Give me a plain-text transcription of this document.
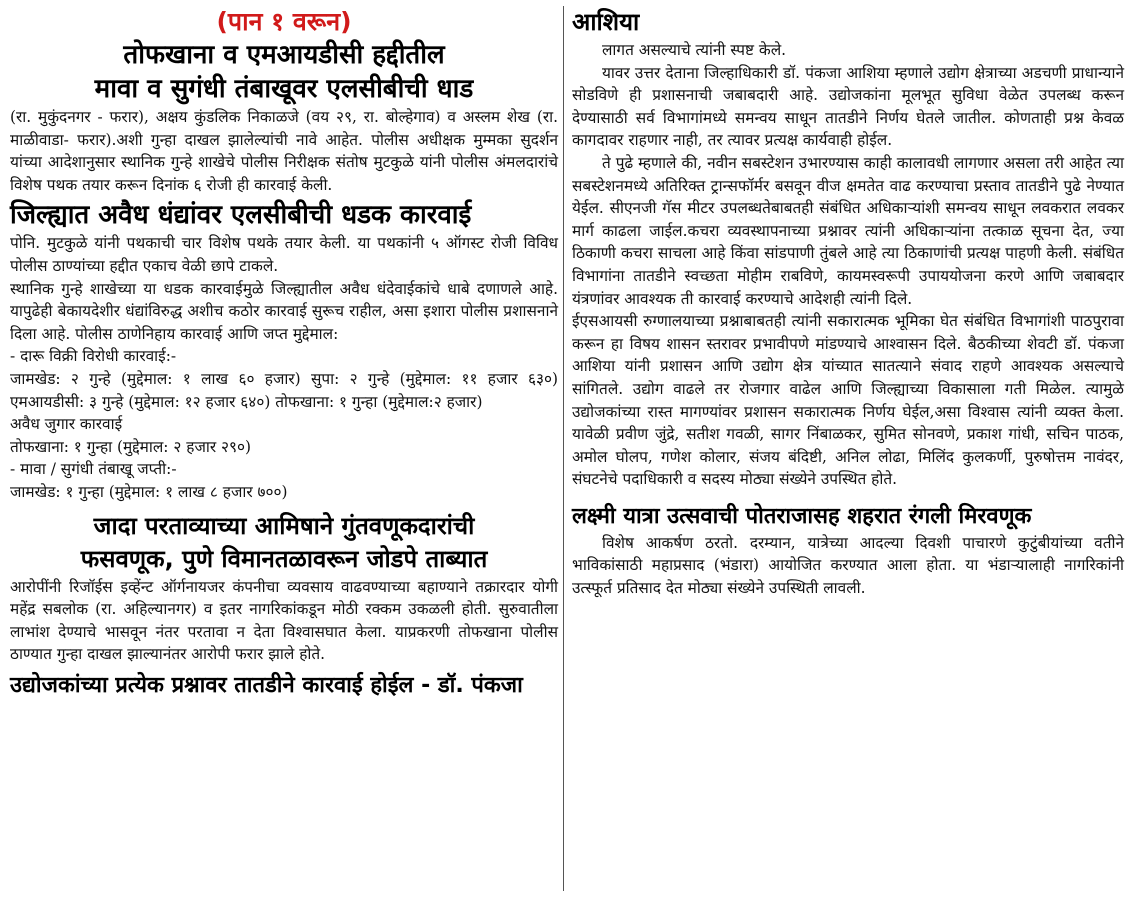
(पान १ वरून)
तोफखाना व एमआयडीसी हद्दीतील
मावा व सुगंधी तंबाखूवर एलसीबीची धाड

(रा. मुकुंदनगर - फरार), अक्षय कुंडलिक निकाळजे (वय २९, रा. बोल्हेगाव) व अस्लम शेख (रा. माळीवाडा- फरार).अशी गुन्हा दाखल झालेल्यांची नावे आहेत. पोलीस अधीक्षक मुम्मका सुदर्शन यांच्या आदेशानुसार स्थानिक गुन्हे शाखेचे पोलीस निरीक्षक संतोष मुटकुळे यांनी पोलीस अंमलदारांचे विशेष पथक तयार करून दिनांक ६ रोजी ही कारवाई केली.

जिल्ह्यात अवैध धंद्यांवर एलसीबीची धडक कारवाई

पोनि. मुटकुळे यांनी पथकाची चार विशेष पथके तयार केली. या पथकांनी ५ ऑगस्ट रोजी विविध पोलीस ठाण्यांच्या हद्दीत एकाच वेळी छापे टाकले.

स्थानिक गुन्हे शाखेच्या या धडक कारवाईमुळे जिल्ह्यातील अवैध धंदेवाईकांचे धाबे दणाणले आहे. यापुढेही बेकायदेशीर धंद्यांविरुद्ध अशीच कठोर कारवाई सुरूच राहील, असा इशारा पोलीस प्रशासनाने दिला आहे. पोलीस ठाणेनिहाय कारवाई आणि जप्त मुद्देमाल:

- दारू विक्री विरोधी कारवाई:-

जामखेड: २ गुन्हे (मुद्देमाल: १ लाख ६० हजार) सुपा: २ गुन्हे (मुद्देमाल: ११ हजार ६३०) एमआयडीसी: ३ गुन्हे (मुद्देमाल: १२ हजार ६४०) तोफखाना: १ गुन्हा (मुद्देमाल:२ हजार)

अवैध जुगार कारवाई

तोफखाना: १ गुन्हा (मुद्देमाल: २ हजार २९०)

- मावा / सुगंधी तंबाखू जप्ती:-

जामखेड: १ गुन्हा (मुद्देमाल: १ लाख ८ हजार ७००)

जादा परताव्याच्या आमिषाने गुंतवणूकदारांची
फसवणूक, पुणे विमानतळावरून जोडपे ताब्यात

आरोपींनी रिजॉईस इव्हेंन्ट ऑर्गनायजर कंपनीचा व्यवसाय वाढवण्याच्या बहाण्याने तक्रारदार योगी महेंद्र सबलोक (रा. अहिल्यानगर) व इतर नागरिकांकडून मोठी रक्कम उकळली होती. सुरुवातीला लाभांश देण्याचे भासवून नंतर परतावा न देता विश्वासघात केला. याप्रकरणी तोफखाना पोलीस ठाण्यात गुन्हा दाखल झाल्यानंतर आरोपी फरार झाले होते.

उद्योजकांच्या प्रत्येक प्रश्नावर तातडीने कारवाई होईल - डॉ. पंकजा
आशिया

लागत असल्याचे त्यांनी स्पष्ट केले.

यावर उत्तर देताना जिल्हाधिकारी डॉ. पंकजा आशिया म्हणाले उद्योग क्षेत्राच्या अडचणी प्राधान्याने सोडविणे ही प्रशासनाची जबाबदारी आहे. उद्योजकांना मूलभूत सुविधा वेळेत उपलब्ध करून देण्यासाठी सर्व विभागांमध्ये समन्वय साधून तातडीने निर्णय घेतले जातील. कोणताही प्रश्न केवळ कागदावर राहणार नाही, तर त्यावर प्रत्यक्ष कार्यवाही होईल.

ते पुढे म्हणाले की, नवीन सबस्टेशन उभारण्यास काही कालावधी लागणार असला तरी आहेत त्या सबस्टेशनमध्ये अतिरिक्त ट्रान्सफॉर्मर बसवून वीज क्षमतेत वाढ करण्याचा प्रस्ताव तातडीने पुढे नेण्यात येईल. सीएनजी गॅस मीटर उपलब्धतेबाबतही संबंधित अधिकाऱ्यांशी समन्वय साधून लवकरात लवकर मार्ग काढला जाईल.कचरा व्यवस्थापनाच्या प्रश्नावर त्यांनी अधिकाऱ्यांना तत्काळ सूचना देत, ज्या ठिकाणी कचरा साचला आहे किंवा सांडपाणी तुंबले आहे त्या ठिकाणांची प्रत्यक्ष पाहणी केली. संबंधित विभागांना तातडीने स्वच्छता मोहीम राबविणे, कायमस्वरूपी उपाययोजना करणे आणि जबाबदार यंत्रणांवर आवश्यक ती कारवाई करण्याचे आदेशही त्यांनी दिले.

ईएसआयसी रुग्णालयाच्या प्रश्नाबाबतही त्यांनी सकारात्मक भूमिका घेत संबंधित विभागांशी पाठपुरावा करून हा विषय शासन स्तरावर प्रभावीपणे मांडण्याचे आश्वासन दिले. बैठकीच्या शेवटी डॉ. पंकजा आशिया यांनी प्रशासन आणि उद्योग क्षेत्र यांच्यात सातत्याने संवाद राहणे आवश्यक असल्याचे सांगितले. उद्योग वाढले तर रोजगार वाढेल आणि जिल्ह्याच्या विकासाला गती मिळेल. त्यामुळे उद्योजकांच्या रास्त मागण्यांवर प्रशासन सकारात्मक निर्णय घेईल,असा विश्वास त्यांनी व्यक्त केला. यावेळी प्रवीण जुंद्रे, सतीश गवळी, सागर निंबाळकर, सुमित सोनवणे, प्रकाश गांधी, सचिन पाठक, अमोल घोलप, गणेश कोलार, संजय बंदिष्टी, अनिल लोढा, मिलिंद कुलकर्णी, पुरुषोत्तम नावंदर, संघटनेचे पदाधिकारी व सदस्य मोठ्या संख्येने उपस्थित होते.

लक्ष्मी यात्रा उत्सवाची पोतराजासह शहरात रंगली मिरवणूक

विशेष आकर्षण ठरतो. दरम्यान, यात्रेच्या आदल्या दिवशी पाचारणे कुटुंबीयांच्या वतीने भाविकांसाठी महाप्रसाद (भंडारा) आयोजित करण्यात आला होता. या भंडाऱ्यालाही नागरिकांनी उत्स्फूर्त प्रतिसाद देत मोठ्या संख्येने उपस्थिती लावली.
